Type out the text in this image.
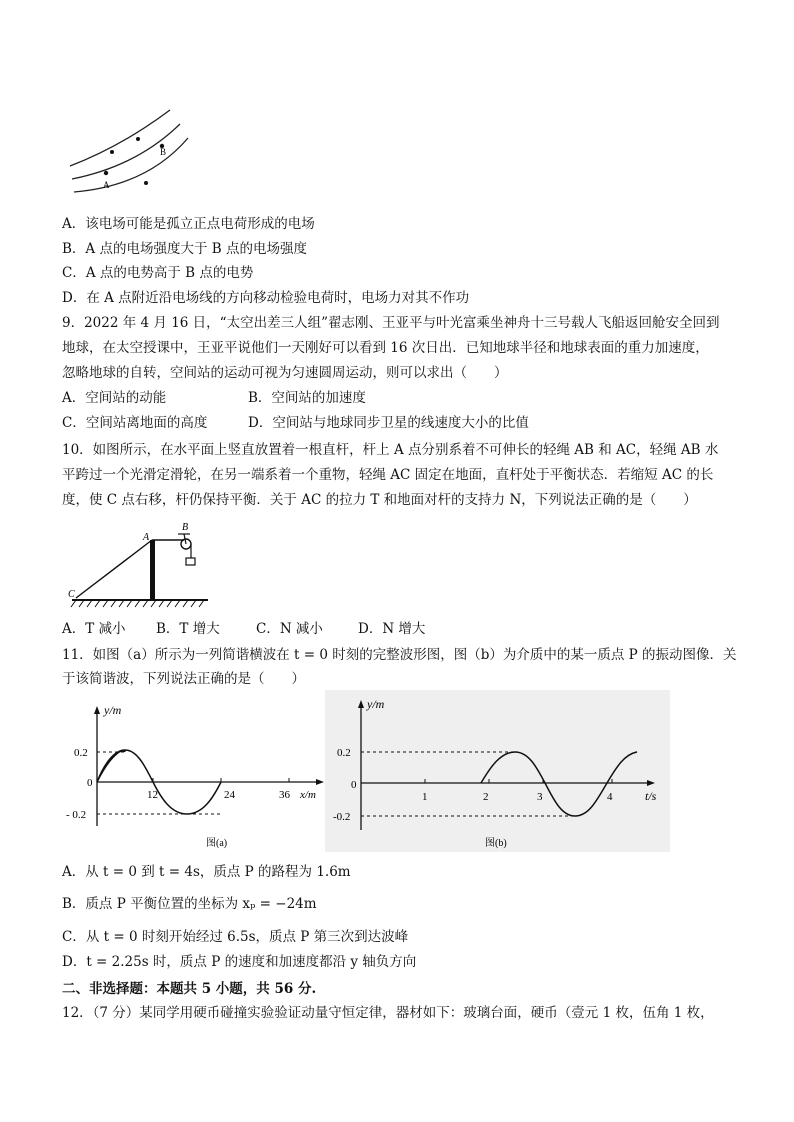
B
A
A．该电场可能是孤立正点电荷形成的电场
B．A 点的电场强度大于 B 点的电场强度
C．A 点的电势高于 B 点的电势
D．在 A 点附近沿电场线的方向移动检验电荷时，电场力对其不作功
9．2022 年 4 月 16 日，“太空出差三人组”翟志刚、王亚平与叶光富乘坐神舟十三号载人飞船返回舱安全回到
地球，在太空授课中，王亚平说他们一天刚好可以看到 16 次日出．已知地球半径和地球表面的重力加速度，
忽略地球的自转，空间站的运动可视为匀速圆周运动，则可以求出（　　）
A．空间站的动能	B．空间站的加速度
C．空间站离地面的高度	D．空间站与地球同步卫星的线速度大小的比值
10．如图所示，在水平面上竖直放置着一根直杆，杆上 A 点分别系着不可伸长的轻绳 AB 和 AC，轻绳 AB 水
平跨过一个光滑定滑轮，在另一端系着一个重物，轻绳 AC 固定在地面，直杆处于平衡状态．若缩短 AC 的长
度，使 C 点右移，杆仍保持平衡．关于 AC 的拉力 T 和地面对杆的支持力 N，下列说法正确的是（　　）
A
B
C
A．T 减小 B．T 增大	C．N 减小	D．N 增大
11．如图（a）所示为一列简谐横波在 t = 0 时刻的完整波形图，图（b）为介质中的某一质点 P 的振动图像．关
于该简谐波，下列说法正确的是（　　）
y/m
x/m
0
0.2
- 0.2
12	24	36
图(a)
y/m
t/s
0
0.2
-0.2
1	2	3	4
图(b)
A．从 t = 0 到 t = 4s，质点 P 的路程为 1.6m
B．质点 P 平衡位置的坐标为 xₚ = −24m
C．从 t = 0 时刻开始经过 6.5s，质点 P 第三次到达波峰
D．t = 2.25s 时，质点 P 的速度和加速度都沿 y 轴负方向
二、非选择题：本题共 5 小题，共 56 分.
12．（7 分）某同学用硬币碰撞实验验证动量守恒定律，器材如下：玻璃台面，硬币（壹元 1 枚，伍角 1 枚，
